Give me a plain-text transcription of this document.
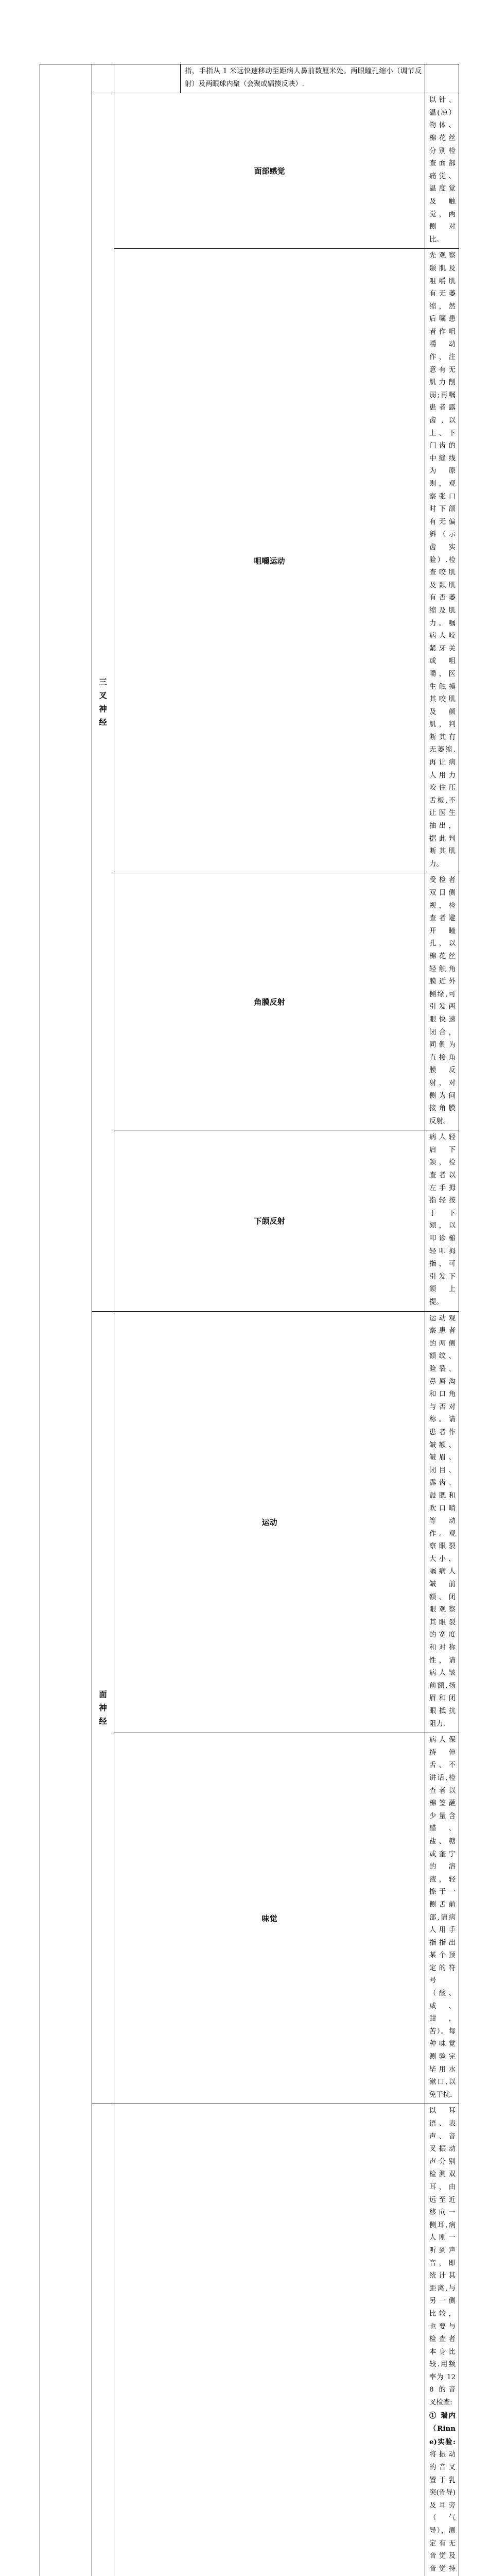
				指，手指从 1 米远快速移动至距病人鼻前数厘米处。两眼瞳孔缩小（调节反射）及两眼球内聚（会聚或辐揍反映）.		

	三叉神经	面部感觉			以针、温(凉）物体、棉花丝分别检查面部痛觉、温度觉及触觉，两侧对比。	
		咀嚼运动			先观察颞肌及咀嚼肌有无萎缩，然后嘱患者作咀嚼动作，注意有无肌力削弱;再嘱患者露齿,以上、下门齿的中缝线为原则，观察张口时下颌有无偏斜（示齿实验）.检查咬肌及颞肌有否萎缩及肌力。嘱病人咬紧牙关或咀嚼，医生触摸其咬肌及颜肌，判断其有无萎缩.再让病人用力咬住压舌板,不让医生抽出，据此判断其肌力。	
		角膜反射			受检者双目侧视，检查者避开瞳孔，以棉花丝轻触角膜近外侧缘,可引发两眼快速闭合，同侧为直接角膜反射，对侧为间接角膜反射。	
		下颌反射			病人轻启下颌，检查者以左手拇指轻按于下颏，以叩诊槌轻叩拇指，可引发下颌上提。	

	面神经	运动			运动观察患者的两侧额纹、睑裂、鼻唇沟和口角与否对称。请患者作皱额、皱眉、闭目、露齿、鼓腮和吹口哨等动作。观察眼裂大小，嘱病人皱前额、闭眼观察其眼裂的宽度和对称性，请病人皱前额,扬眉和闭眼抵抗阻力.	
		味觉			病人保持伸舌、不讲话,检查者以棉签蘸少量含醋、盐、糖或奎宁的溶液，轻擦于一侧舌前部,请病人用手指指出某个预定的符号（酸、咸、甜，苦）。每种味觉测验完毕用水漱口,以免干扰.	

		以耳语、表声、音叉振动声分别检测双耳，由远至近移向一侧耳,病人刚一听到声音，即统计其距离,与另一侧比较，也要与检查者本身比较.用频率为 128 的音叉检查:
① 瑞内（Rinne)实验:将振动的音叉置于乳突(骨导)及耳旁（气导），测定有无音觉及音觉持
